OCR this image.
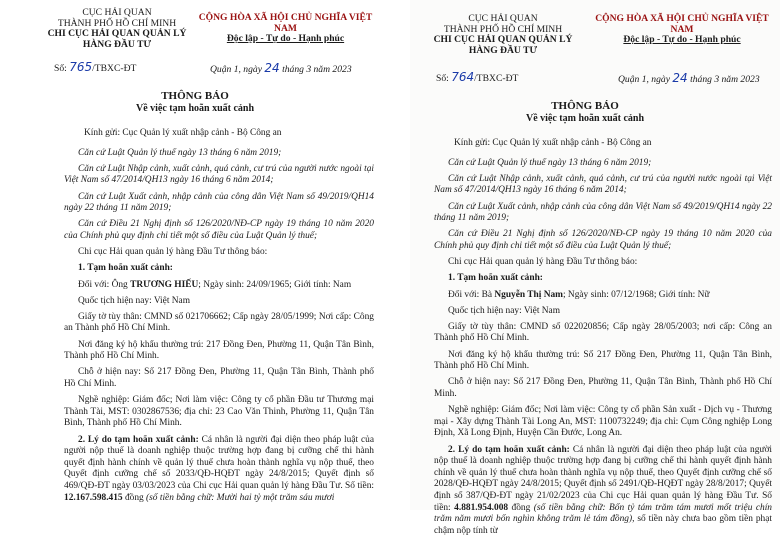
CỤC HẢI QUAN
THÀNH PHỐ HỒ CHÍ MINH
CHI CỤC HẢI QUAN QUẢN LÝ
HÀNG ĐẦU TƯ
CỘNG HÒA XÃ HỘI CHỦ NGHĨA VIỆT NAM
Độc lập - Tự do - Hạnh phúc
Số: 765/TBXC-ĐT	Quận 1, ngày 24 tháng 3 năm 2023
THÔNG BÁO
Về việc tạm hoãn xuất cảnh

Kính gửi: Cục Quản lý xuất nhập cảnh - Bộ Công an

Căn cứ Luật Quản lý thuế ngày 13 tháng 6 năm 2019;

Căn cứ Luật Nhập cảnh, xuất cảnh, quá cảnh, cư trú của người nước ngoài tại Việt Nam số 47/2014/QH13 ngày 16 tháng 6 năm 2014;

Căn cứ Luật Xuất cảnh, nhập cảnh của công dân Việt Nam số 49/2019/QH14 ngày 22 tháng 11 năm 2019;

Căn cứ Điều 21 Nghị định số 126/2020/NĐ-CP ngày 19 tháng 10 năm 2020 của Chính phủ quy định chi tiết một số điều của Luật Quản lý thuế;

Chi cục Hải quan quản lý hàng Đầu Tư thông báo:

1. Tạm hoãn xuất cảnh:

Đối với: Ông TRƯƠNG HIẾU; Ngày sinh: 24/09/1965; Giới tính: Nam

Quốc tịch hiện nay: Việt Nam

Giấy tờ tùy thân: CMND số 021706662; Cấp ngày 28/05/1999; Nơi cấp: Công an Thành phố Hồ Chí Minh.

Nơi đăng ký hộ khẩu thường trú: 217 Đồng Đen, Phường 11, Quận Tân Bình, Thành phố Hồ Chí Minh.

Chỗ ở hiện nay: Số 217 Đồng Đen, Phường 11, Quận Tân Bình, Thành phố Hồ Chí Minh.

Nghề nghiệp: Giám đốc; Nơi làm việc: Công ty cổ phần Đầu tư Thương mại Thành Tài, MST: 0302867536; địa chỉ: 23 Cao Văn Thinh, Phường 11, Quận Tân Bình, Thành phố Hồ Chí Minh.

2. Lý do tạm hoãn xuất cảnh: Cá nhân là người đại diện theo pháp luật của người nộp thuế là doanh nghiệp thuộc trường hợp đang bị cưỡng chế thi hành quyết định hành chính về quản lý thuế chưa hoàn thành nghĩa vụ nộp thuế, theo Quyết định cưỡng chế số 2033/QĐ-HQĐT ngày 24/8/2015; Quyết định số 469/QĐ-ĐT ngày 03/03/2023 của Chi cục Hải quan quản lý hàng Đầu Tư. Số tiền: 12.167.598.415 đồng (số tiền bằng chữ: Mười hai tỷ một trăm sáu mươi

CỤC HẢI QUAN
THÀNH PHỐ HỒ CHÍ MINH
CHI CỤC HẢI QUAN QUẢN LÝ
HÀNG ĐẦU TƯ
CỘNG HÒA XÃ HỘI CHỦ NGHĨA VIỆT NAM
Độc lập - Tự do - Hạnh phúc
Số: 764/TBXC-ĐT	Quận 1, ngày 24 tháng 3 năm 2023
THÔNG BÁO
Về việc tạm hoãn xuất cảnh

Kính gửi: Cục Quản lý xuất nhập cảnh - Bộ Công an

Căn cứ Luật Quản lý thuế ngày 13 tháng 6 năm 2019;

Căn cứ Luật Nhập cảnh, xuất cảnh, quá cảnh, cư trú của người nước ngoài tại Việt Nam số 47/2014/QH13 ngày 16 tháng 6 năm 2014;

Căn cứ Luật Xuất cảnh, nhập cảnh của công dân Việt Nam số 49/2019/QH14 ngày 22 tháng 11 năm 2019;

Căn cứ Điều 21 Nghị định số 126/2020/NĐ-CP ngày 19 tháng 10 năm 2020 của Chính phủ quy định chi tiết một số điều của Luật Quản lý thuế;

Chi cục Hải quan quản lý hàng Đầu Tư thông báo:

1. Tạm hoãn xuất cảnh:

Đối với: Bà Nguyễn Thị Nam; Ngày sinh: 07/12/1968; Giới tính: Nữ

Quốc tịch hiện nay: Việt Nam

Giấy tờ tùy thân: CMND số 022020856; Cấp ngày 28/05/2003; nơi cấp: Công an Thành phố Hồ Chí Minh.

Nơi đăng ký hộ khẩu thường trú: Số 217 Đồng Đen, Phường 11, Quận Tân Bình, Thành phố Hồ Chí Minh.

Chỗ ở hiện nay: Số 217 Đồng Đen, Phường 11, Quận Tân Bình, Thành phố Hồ Chí Minh.

Nghề nghiệp: Giám đốc; Nơi làm việc: Công ty cổ phần Sản xuất - Dịch vụ - Thương mại - Xây dựng Thành Tài Long An, MST: 1100732249; địa chỉ: Cụm Công nghiệp Long Định, Xã Long Định, Huyện Cần Đước, Long An.

2. Lý do tạm hoãn xuất cảnh: Cá nhân là người đại diện theo pháp luật của người nộp thuế là doanh nghiệp thuộc trường hợp đang bị cưỡng chế thi hành quyết định hành chính về quản lý thuế chưa hoàn thành nghĩa vụ nộp thuế, theo Quyết định cưỡng chế số 2028/QĐ-HQĐT ngày 24/8/2015; Quyết định số 2491/QĐ-HQĐT ngày 28/8/2017; Quyết định số 387/QĐ-ĐT ngày 21/02/2023 của Chi cục Hải quan quản lý hàng Đầu Tư. Số tiền: 4.881.954.008 đồng (số tiền bằng chữ: Bốn tỷ tám trăm tám mươi mốt triệu chín trăm năm mươi bốn nghìn không trăm lẻ tám đồng), số tiền này chưa bao gồm tiền phạt chậm nộp tính từ
